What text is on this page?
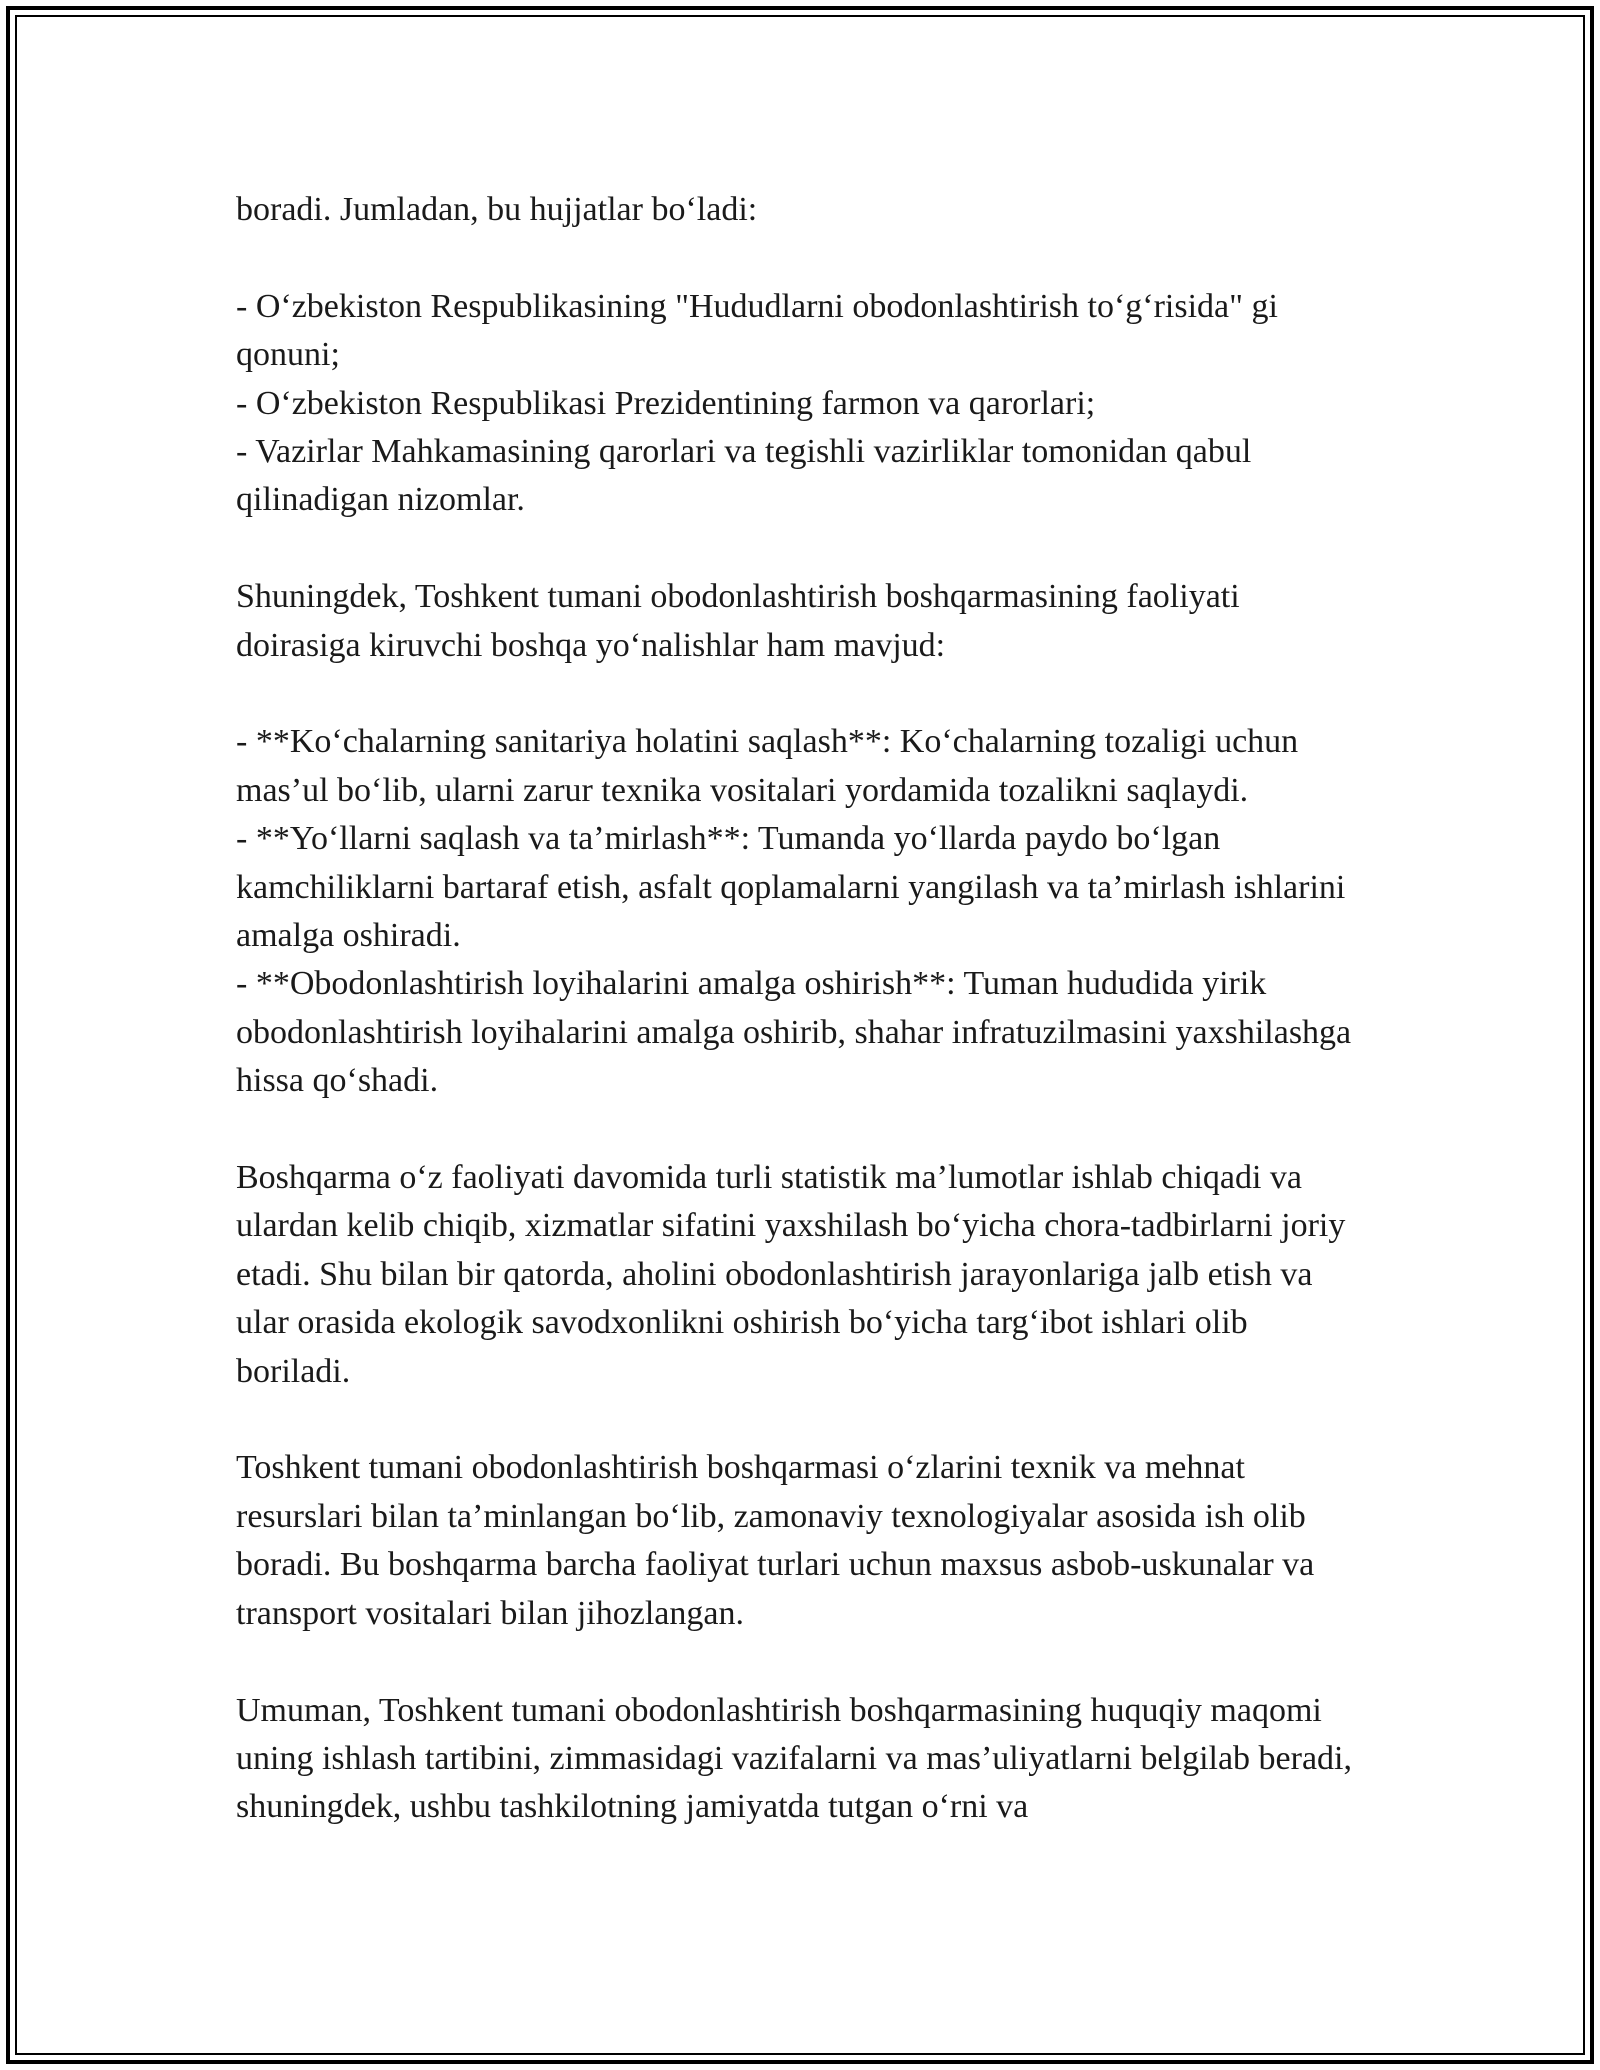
boradi. Jumladan, bu hujjatlar bo‘ladi:

- O‘zbekiston Respublikasining "Hududlarni obodonlashtirish to‘g‘risida" gi qonuni;

- O‘zbekiston Respublikasi Prezidentining farmon va qarorlari;

- Vazirlar Mahkamasining qarorlari va tegishli vazirliklar tomonidan qabul qilinadigan nizomlar.

Shuningdek, Toshkent tumani obodonlashtirish boshqarmasining faoliyati doirasiga kiruvchi boshqa yo‘nalishlar ham mavjud:

- **Ko‘chalarning sanitariya holatini saqlash**: Ko‘chalarning tozaligi uchun mas’ul bo‘lib, ularni zarur texnika vositalari yordamida tozalikni saqlaydi.

- **Yo‘llarni saqlash va ta’mirlash**: Tumanda yo‘llarda paydo bo‘lgan kamchiliklarni bartaraf etish, asfalt qoplamalarni yangilash va ta’mirlash ishlarini amalga oshiradi.

- **Obodonlashtirish loyihalarini amalga oshirish**: Tuman hududida yirik obodonlashtirish loyihalarini amalga oshirib, shahar infratuzilmasini yaxshilashga hissa qo‘shadi.

Boshqarma o‘z faoliyati davomida turli statistik ma’lumotlar ishlab chiqadi va ulardan kelib chiqib, xizmatlar sifatini yaxshilash bo‘yicha chora-tadbirlarni joriy etadi. Shu bilan bir qatorda, aholini obodonlashtirish jarayonlariga jalb etish va ular orasida ekologik savodxonlikni oshirish bo‘yicha targ‘ibot ishlari olib boriladi.

Toshkent tumani obodonlashtirish boshqarmasi o‘zlarini texnik va mehnat resurslari bilan ta’minlangan bo‘lib, zamonaviy texnologiyalar asosida ish olib boradi. Bu boshqarma barcha faoliyat turlari uchun maxsus asbob-uskunalar va transport vositalari bilan jihozlangan.

Umuman, Toshkent tumani obodonlashtirish boshqarmasining huquqiy maqomi uning ishlash tartibini, zimmasidagi vazifalarni va mas’uliyatlarni belgilab beradi, shuningdek, ushbu tashkilotning jamiyatda tutgan o‘rni va
